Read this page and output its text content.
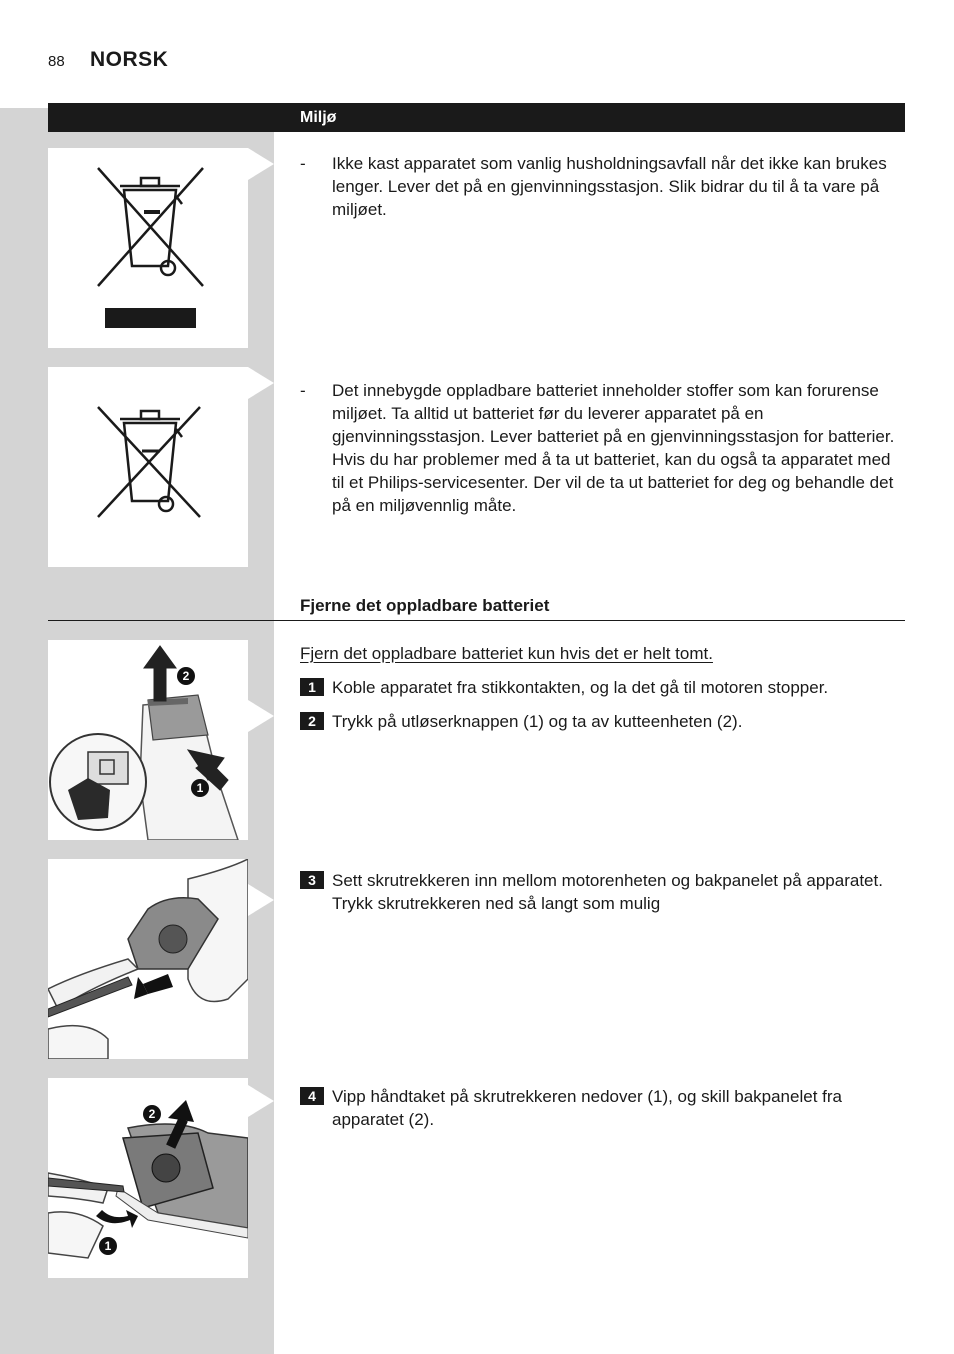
88 NORSK
Miljø
-	Ikke kast apparatet som vanlig husholdningsavfall når det ikke kan brukes lenger. Lever det på en gjenvinningsstasjon. Slik bidrar du til å ta vare på miljøet.
-	Det innebygde oppladbare batteriet inneholder stoffer som kan forurense miljøet. Ta alltid ut batteriet før du leverer apparatet på en gjenvinningsstasjon. Lever batteriet på en gjenvinningsstasjon for batterier. Hvis du har problemer med å ta ut batteriet, kan du også ta apparatet med til et Philips-servicesenter. Der vil de ta ut batteriet for deg og behandle det på en miljøvennlig måte.
Fjerne det oppladbare batteriet
2
1
Fjern det oppladbare batteriet kun hvis det er helt tomt.
1 Koble apparatet fra stikkontakten, og la det gå til motoren stopper.
2 Trykk på utløserknappen (1) og ta av kutteenheten (2).
3 Sett skrutrekkeren inn mellom motorenheten og bakpanelet på apparatet. Trykk skrutrekkeren ned så langt som mulig
2
1
4 Vipp håndtaket på skrutrekkeren nedover (1), og skill bakpanelet fra apparatet (2).
